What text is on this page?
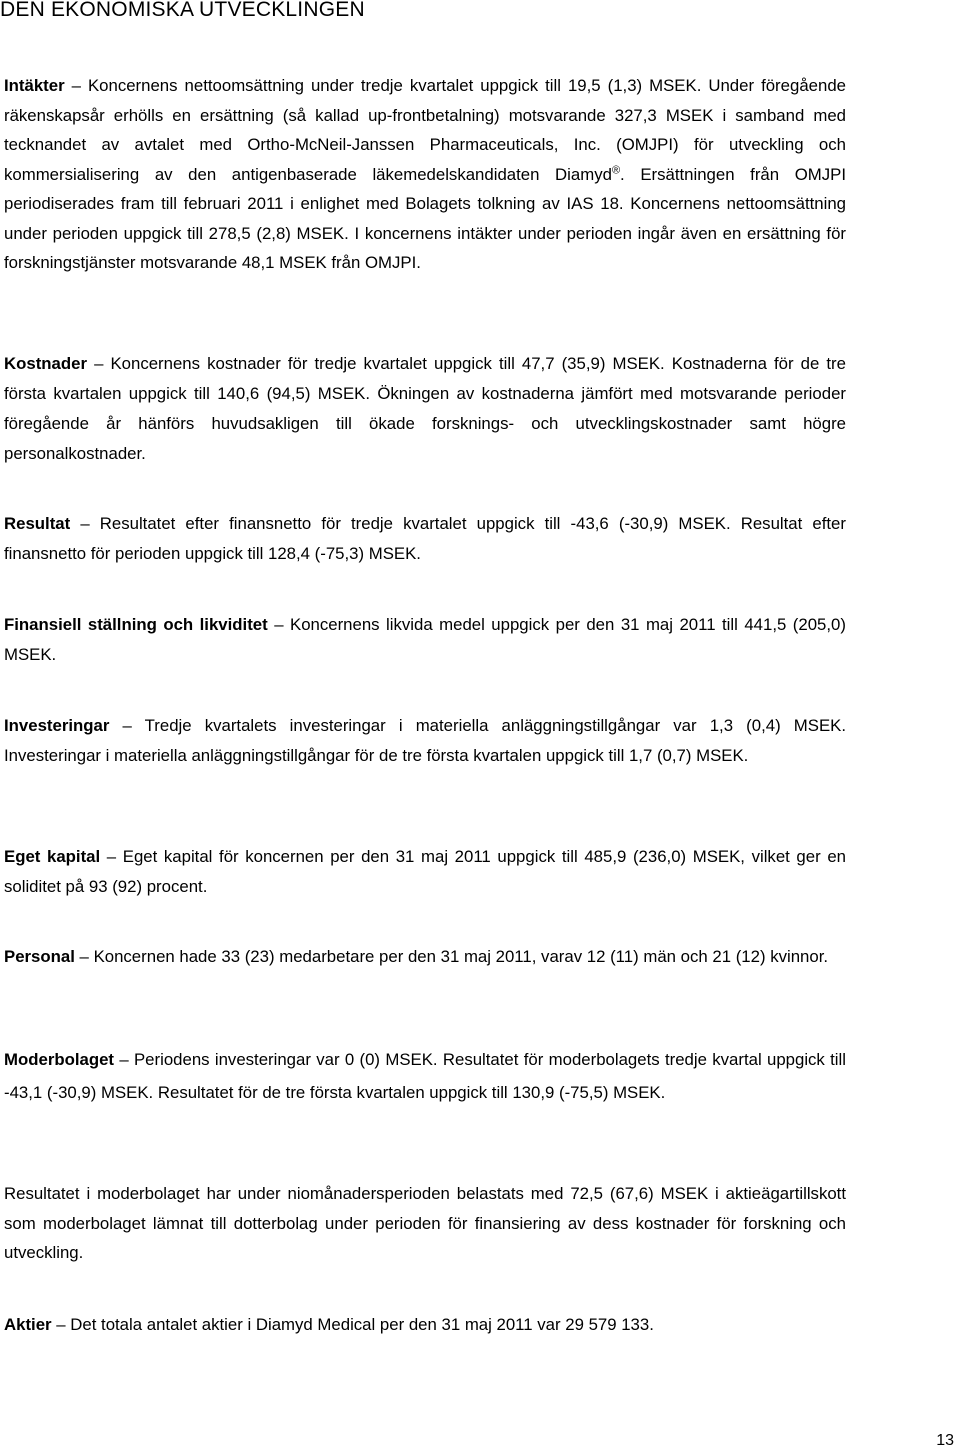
DEN EKONOMISKA UTVECKLINGEN

Intäkter – Koncernens nettoomsättning under tredje kvartalet uppgick till 19,5 (1,3) MSEK. Under föregående räkenskapsår erhölls en ersättning (så kallad up-frontbetalning) motsvarande 327,3 MSEK i samband med tecknandet av avtalet med Ortho-McNeil-Janssen Pharmaceuticals, Inc. (OMJPI) för utveckling och kommersialisering av den antigenbaserade läkemedelskandidaten Diamyd®. Ersättningen från OMJPI periodiserades fram till februari 2011 i enlighet med Bolagets tolkning av IAS 18. Koncernens nettoomsättning under perioden uppgick till 278,5 (2,8) MSEK. I koncernens intäkter under perioden ingår även en ersättning för forskningstjänster motsvarande 48,1 MSEK från OMJPI.

Kostnader – Koncernens kostnader för tredje kvartalet uppgick till 47,7 (35,9) MSEK. Kostnaderna för de tre första kvartalen uppgick till 140,6 (94,5) MSEK. Ökningen av kostnaderna jämfört med motsvarande perioder föregående år hänförs huvudsakligen till ökade forsknings- och utvecklingskostnader samt högre personalkostnader.

Resultat – Resultatet efter finansnetto för tredje kvartalet uppgick till -43,6 (-30,9) MSEK. Resultat efter finansnetto för perioden uppgick till 128,4 (-75,3) MSEK.

Finansiell ställning och likviditet – Koncernens likvida medel uppgick per den 31 maj 2011 till 441,5 (205,0) MSEK.

Investeringar – Tredje kvartalets investeringar i materiella anläggningstillgångar var 1,3 (0,4) MSEK. Investeringar i materiella anläggningstillgångar för de tre första kvartalen uppgick till 1,7 (0,7) MSEK.

Eget kapital – Eget kapital för koncernen per den 31 maj 2011 uppgick till 485,9 (236,0) MSEK, vilket ger en soliditet på 93 (92) procent.

Personal – Koncernen hade 33 (23) medarbetare per den 31 maj 2011, varav 12 (11) män och 21 (12) kvinnor.

Moderbolaget – Periodens investeringar var 0 (0) MSEK. Resultatet för moderbolagets tredje kvartal uppgick till -43,1 (-30,9) MSEK. Resultatet för de tre första kvartalen uppgick till 130,9 (-75,5) MSEK.

Resultatet i moderbolaget har under niomånadersperioden belastats med 72,5 (67,6) MSEK i aktieägartillskott som moderbolaget lämnat till dotterbolag under perioden för finansiering av dess kostnader för forskning och utveckling.

Aktier – Det totala antalet aktier i Diamyd Medical per den 31 maj 2011 var 29 579 133.

13
